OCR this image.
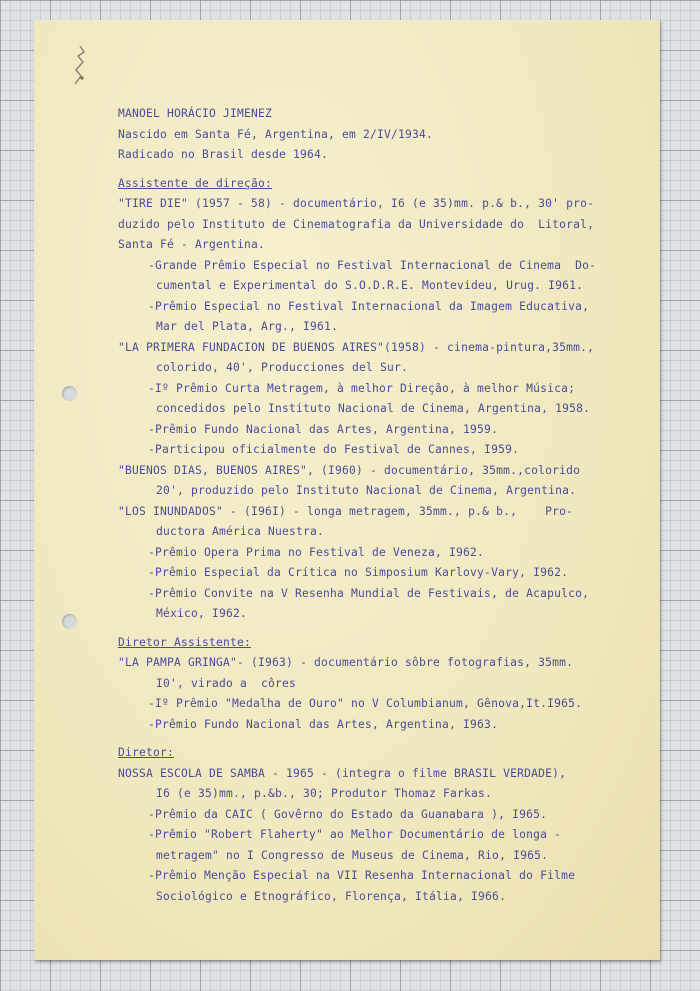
MANOEL HORÁCIO JIMENEZ
Nascido em Santa Fé, Argentina, em 2/IV/1934.
Radicado no Brasil desde 1964.
Assistente de direção:
"TIRE DIE" (1957 - 58) - documentário, I6 (e 35)mm. p.& b., 30' pro-
duzido pelo Instituto de Cinematografia da Universidade do  Litoral,
Santa Fé - Argentina.
-Grande Prêmio Especial no Festival Internacional de Cinema  Do-
cumental e Experimental do S.O.D.R.E. Montevideu, Urug. I961.
-Prêmio Especial no Festival Internacional da Imagem Educativa,
Mar del Plata, Arg., I961.
"LA PRIMERA FUNDACION DE BUENOS AIRES"(1958) - cinema-pintura,35mm.,
colorido, 40', Producciones del Sur.
-Iº Prêmio Curta Metragem, à melhor Direção, à melhor Música;
concedidos pelo Instituto Nacional de Cinema, Argentina, 1958.
-Prêmio Fundo Nacional das Artes, Argentina, 1959.
-Participou oficialmente do Festival de Cannes, I959.
"BUENOS DIAS, BUENOS AIRES", (I960) - documentário, 35mm.,colorido
20', produzido pelo Instituto Nacional de Cinema, Argentina.
"LOS INUNDADOS" - (I96I) - longa metragem, 35mm., p.& b.,    Pro-
ductora América Nuestra.
-Prêmio Opera Prima no Festival de Veneza, I962.
-Prêmio Especial da Crítica no Simposium Karlovy-Vary, I962.
-Prêmio Convite na V Resenha Mundial de Festivais, de Acapulco,
México, I962.
Diretor Assistente:
"LA PAMPA GRINGA"- (I963) - documentário sôbre fotografias, 35mm.
I0', virado a  côres
-Iº Prêmio "Medalha de Ouro" no V Columbianum, Gênova,It.I965.
-Prêmio Fundo Nacional das Artes, Argentina, I963.
Diretor:
NOSSA ESCOLA DE SAMBA - 1965 - (integra o filme BRASIL VERDADE),
I6 (e 35)mm., p.&b., 30; Produtor Thomaz Farkas.
-Prêmio da CAIC ( Govêrno do Estado da Guanabara ), I965.
-Prêmio "Robert Flaherty" ao Melhor Documentário de longa -
metragem" no I Congresso de Museus de Cinema, Rio, I965.
-Prêmio Menção Especial na VII Resenha Internacional do Filme
Sociológico e Etnográfico, Florença, Itália, I966.
